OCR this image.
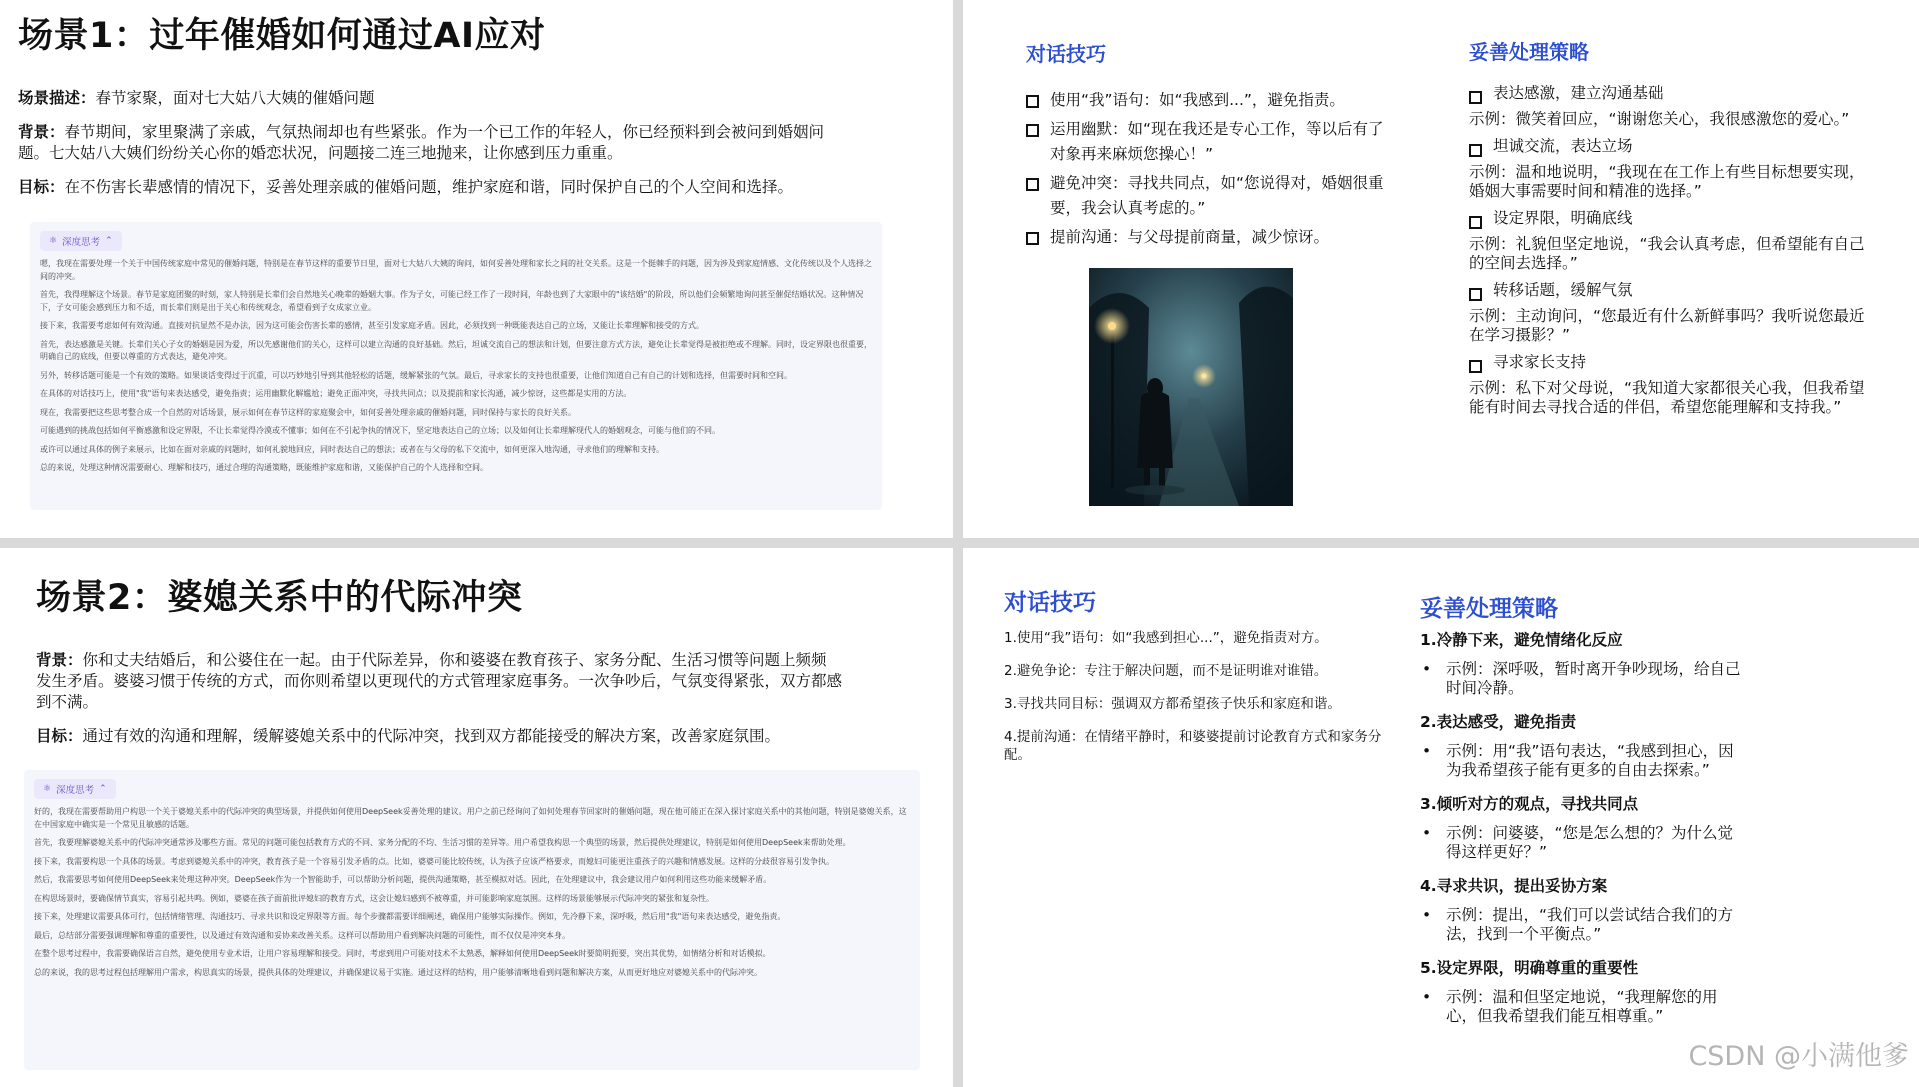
场景1：过年催婚如何通过AI应对
场景描述：春节家聚，面对七大姑八大姨的催婚问题
背景：春节期间，家里聚满了亲戚，气氛热闹却也有些紧张。作为一个已工作的年轻人，你已经预料到会被问到婚姻问题。七大姑八大姨们纷纷关心你的婚恋状况，问题接二连三地抛来，让你感到压力重重。
目标：在不伤害长辈感情的情况下，妥善处理亲戚的催婚问题，维护家庭和谐，同时保护自己的个人空间和选择。
⚛ 深度思考 ⌃

嗯，我现在需要处理一个关于中国传统家庭中常见的催婚问题，特别是在春节这样的重要节日里，面对七大姑八大姨的询问，如何妥善处理和家长之间的社交关系。这是一个挺棘手的问题，因为涉及到家庭情感、文化传统以及个人选择之间的冲突。

首先，我得理解这个场景。春节是家庭团聚的时刻，家人特别是长辈们会自然地关心晚辈的婚姻大事。作为子女，可能已经工作了一段时间，年龄也到了大家眼中的"该结婚"的阶段，所以他们会频繁地询问甚至催促结婚状况。这种情况下，子女可能会感到压力和不适，而长辈们则是出于关心和传统观念，希望看到子女成家立业。

接下来，我需要考虑如何有效沟通。直接对抗显然不是办法，因为这可能会伤害长辈的感情，甚至引发家庭矛盾。因此，必须找到一种既能表达自己的立场，又能让长辈理解和接受的方式。

首先，表达感激是关键。长辈们关心子女的婚姻是因为爱，所以先感谢他们的关心，这样可以建立沟通的良好基础。然后，坦诚交流自己的想法和计划，但要注意方式方法，避免让长辈觉得是被拒绝或不理解。同时，设定界限也很重要，明确自己的底线，但要以尊重的方式表达，避免冲突。

另外，转移话题可能是一个有效的策略。如果谈话变得过于沉重，可以巧妙地引导到其他轻松的话题，缓解紧张的气氛。最后，寻求家长的支持也很重要，让他们知道自己有自己的计划和选择，但需要时间和空间。

在具体的对话技巧上，使用"我"语句来表达感受，避免指责；运用幽默化解尴尬；避免正面冲突，寻找共同点；以及提前和家长沟通，减少惊讶，这些都是实用的方法。

现在，我需要把这些思考整合成一个自然的对话场景，展示如何在春节这样的家庭聚会中，如何妥善处理亲戚的催婚问题，同时保持与家长的良好关系。

可能遇到的挑战包括如何平衡感激和设定界限，不让长辈觉得冷漠或不懂事；如何在不引起争执的情况下，坚定地表达自己的立场；以及如何让长辈理解现代人的婚姻观念，可能与他们的不同。

或许可以通过具体的例子来展示，比如在面对亲戚的问题时，如何礼貌地回应，同时表达自己的想法；或者在与父母的私下交流中，如何更深入地沟通，寻求他们的理解和支持。

总的来说，处理这种情况需要耐心、理解和技巧，通过合理的沟通策略，既能维护家庭和谐，又能保护自己的个人选择和空间。

对话技巧
使用“我”语句：如“我感到...”，避免指责。
运用幽默：如“现在我还是专心工作，等以后有了对象再来麻烦您操心！”
避免冲突：寻找共同点，如“您说得对，婚姻很重要，我会认真考虑的。”
提前沟通：与父母提前商量，减少惊讶。
妥善处理策略
表达感激，建立沟通基础
示例：微笑着回应，“谢谢您关心，我很感激您的爱心。”
坦诚交流，表达立场
示例：温和地说明，“我现在在工作上有些目标想要实现，婚姻大事需要时间和精准的选择。”
设定界限，明确底线
示例：礼貌但坚定地说，“我会认真考虑，但希望能有自己的空间去选择。”
转移话题，缓解气氛
示例：主动询问，“您最近有什么新鲜事吗？我听说您最近在学习摄影？”
寻求家长支持
示例：私下对父母说，“我知道大家都很关心我，但我希望能有时间去寻找合适的伴侣，希望您能理解和支持我。”
场景2：婆媳关系中的代际冲突
背景：你和丈夫结婚后，和公婆住在一起。由于代际差异，你和婆婆在教育孩子、家务分配、生活习惯等问题上频频发生矛盾。婆婆习惯于传统的方式，而你则希望以更现代的方式管理家庭事务。一次争吵后，气氛变得紧张，双方都感到不满。
目标：通过有效的沟通和理解，缓解婆媳关系中的代际冲突，找到双方都能接受的解决方案，改善家庭氛围。
⚛ 深度思考 ⌃

好的，我现在需要帮助用户构思一个关于婆媳关系中的代际冲突的典型场景，并提供如何使用DeepSeek妥善处理的建议。用户之前已经询问了如何处理春节回家时的催婚问题，现在他可能正在深入探讨家庭关系中的其他问题，特别是婆媳关系，这在中国家庭中确实是一个常见且敏感的话题。

首先，我要理解婆媳关系中的代际冲突通常涉及哪些方面。常见的问题可能包括教育方式的不同、家务分配的不均、生活习惯的差异等。用户希望我构思一个典型的场景，然后提供处理建议，特别是如何使用DeepSeek来帮助处理。

接下来，我需要构思一个具体的场景。考虑到婆媳关系中的冲突，教育孩子是一个容易引发矛盾的点。比如，婆婆可能比较传统，认为孩子应该严格要求，而媳妇可能更注重孩子的兴趣和情感发展。这样的分歧很容易引发争执。

然后，我需要思考如何使用DeepSeek来处理这种冲突。DeepSeek作为一个智能助手，可以帮助分析问题，提供沟通策略，甚至模拟对话。因此，在处理建议中，我会建议用户如何利用这些功能来缓解矛盾。

在构思场景时，要确保情节真实，容易引起共鸣。例如，婆婆在孩子面前批评媳妇的教育方式，这会让媳妇感到不被尊重，并可能影响家庭氛围。这样的场景能够展示代际冲突的紧张和复杂性。

接下来，处理建议需要具体可行，包括情绪管理、沟通技巧、寻求共识和设定界限等方面。每个步骤都需要详细阐述，确保用户能够实际操作。例如，先冷静下来，深呼吸，然后用"我"语句来表达感受，避免指责。

最后，总结部分需要强调理解和尊重的重要性，以及通过有效沟通和妥协来改善关系。这样可以帮助用户看到解决问题的可能性，而不仅仅是冲突本身。

在整个思考过程中，我需要确保语言自然，避免使用专业术语，让用户容易理解和接受。同时，考虑到用户可能对技术不太熟悉，解释如何使用DeepSeek时要简明扼要，突出其优势，如情绪分析和对话模拟。

总的来说，我的思考过程包括理解用户需求，构思真实的场景，提供具体的处理建议，并确保建议易于实施。通过这样的结构，用户能够清晰地看到问题和解决方案，从而更好地应对婆媳关系中的代际冲突。

对话技巧
1.使用“我”语句：如“我感到担心...”，避免指责对方。
2.避免争论：专注于解决问题，而不是证明谁对谁错。
3.寻找共同目标：强调双方都希望孩子快乐和家庭和谐。
4.提前沟通：在情绪平静时，和婆婆提前讨论教育方式和家务分配。
妥善处理策略
1.冷静下来，避免情绪化反应
• 示例：深呼吸，暂时离开争吵现场，给自己时间冷静。
2.表达感受，避免指责
• 示例：用“我”语句表达，“我感到担心，因为我希望孩子能有更多的自由去探索。”
3.倾听对方的观点，寻找共同点
• 示例：问婆婆，“您是怎么想的？为什么觉得这样更好？”
4.寻求共识，提出妥协方案
• 示例：提出，“我们可以尝试结合我们的方法，找到一个平衡点。”
5.设定界限，明确尊重的重要性
• 示例：温和但坚定地说，“我理解您的用心，但我希望我们能互相尊重。”
CSDN @小满他爹
